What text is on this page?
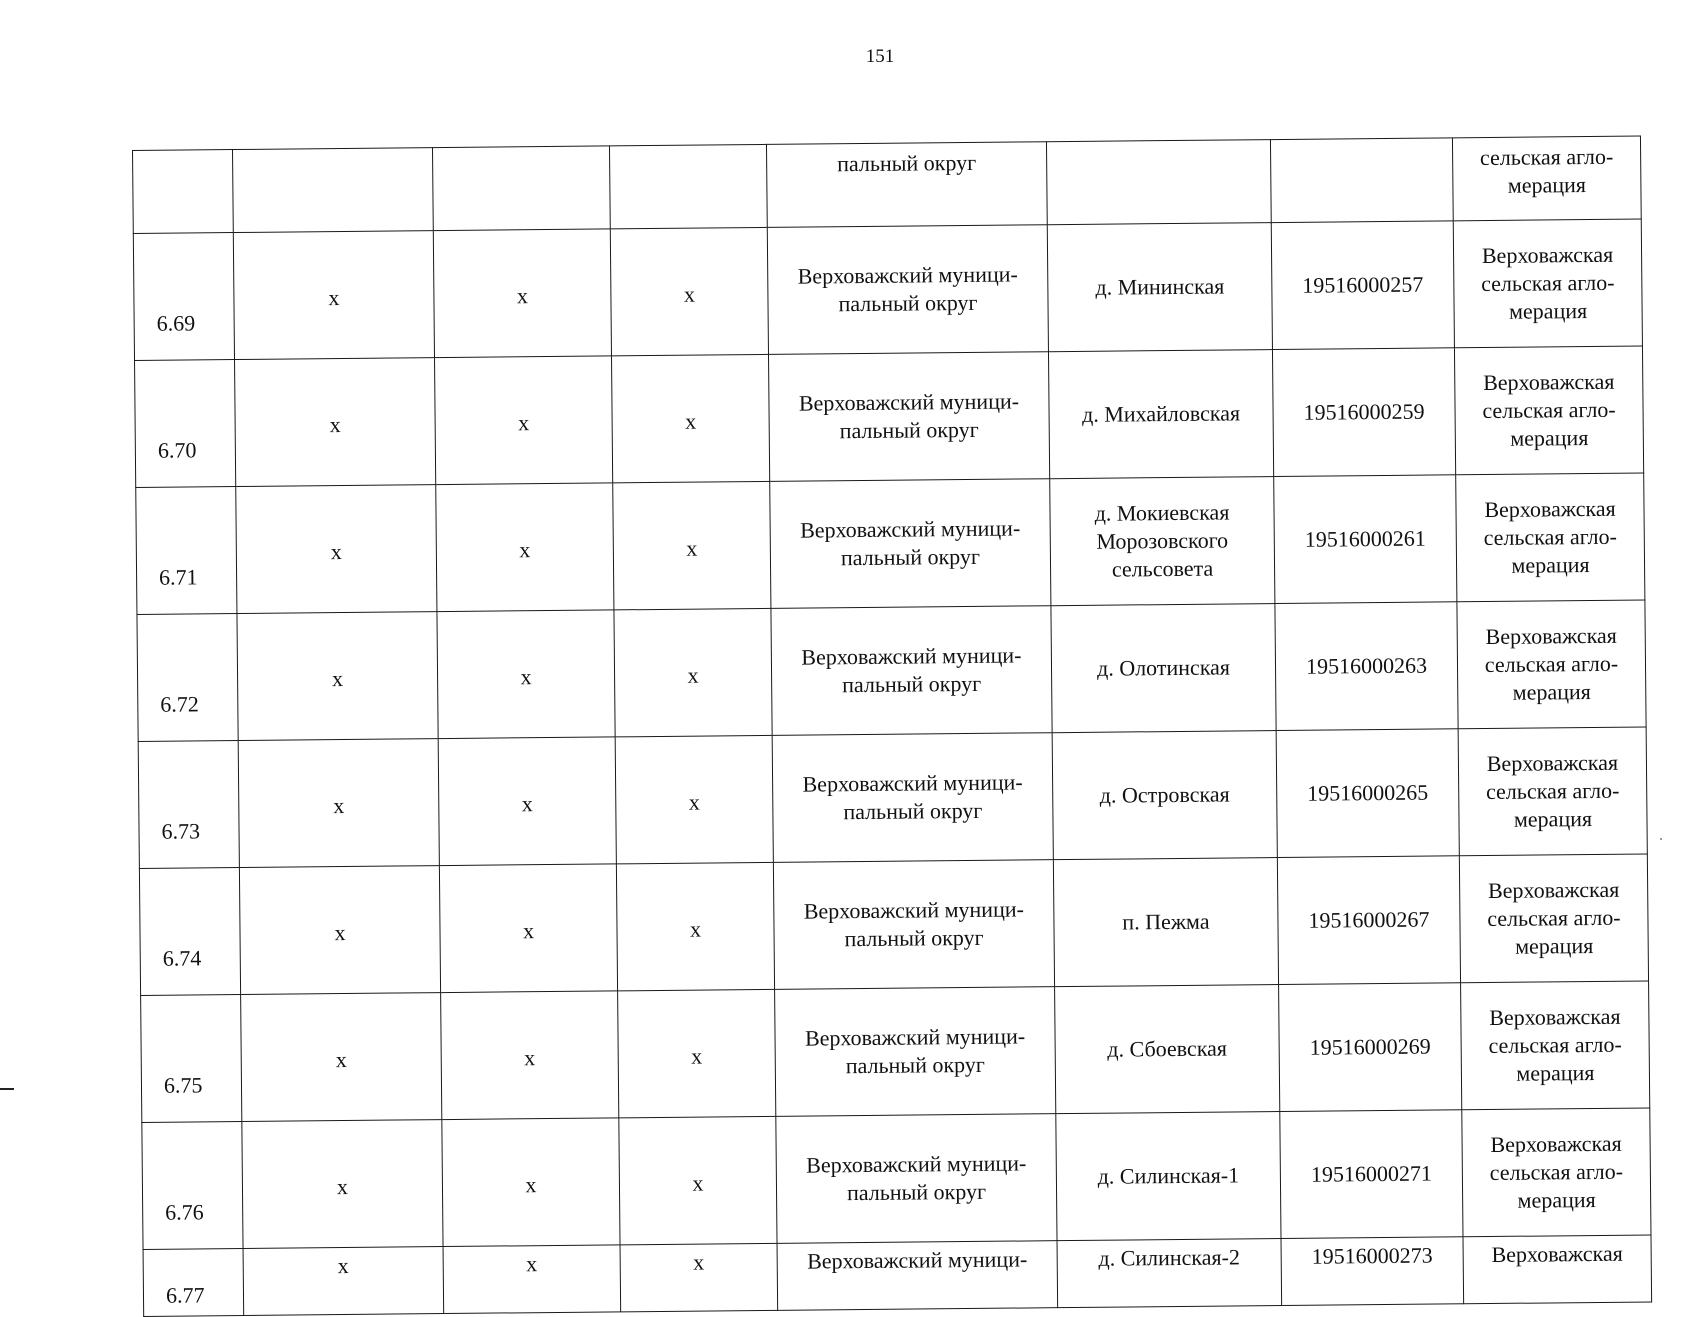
151
				пальный округ			сельская агло-
мерация
6.69	x	x	x	Верховажский муници-
пальный округ	д. Мининская	19516000257	Верховажская
сельская агло-
мерация
6.70	x	x	x	Верховажский муници-
пальный округ	д. Михайловская	19516000259	Верховажская
сельская агло-
мерация
6.71	x	x	x	Верховажский муници-
пальный округ	д. Мокиевская
Морозовского
сельсовета	19516000261	Верховажская
сельская агло-
мерация
6.72	x	x	x	Верховажский муници-
пальный округ	д. Олотинская	19516000263	Верховажская
сельская агло-
мерация
6.73	x	x	x	Верховажский муници-
пальный округ	д. Островская	19516000265	Верховажская
сельская агло-
мерация
6.74	x	x	x	Верховажский муници-
пальный округ	п. Пежма	19516000267	Верховажская
сельская агло-
мерация
6.75	x	x	x	Верховажский муници-
пальный округ	д. Сбоевская	19516000269	Верховажская
сельская агло-
мерация
6.76	x	x	x	Верховажский муници-
пальный округ	д. Силинская-1	19516000271	Верховажская
сельская агло-
мерация
6.77	x	x	x	Верховажский муници-	д. Силинская-2	19516000273	Верховажская
